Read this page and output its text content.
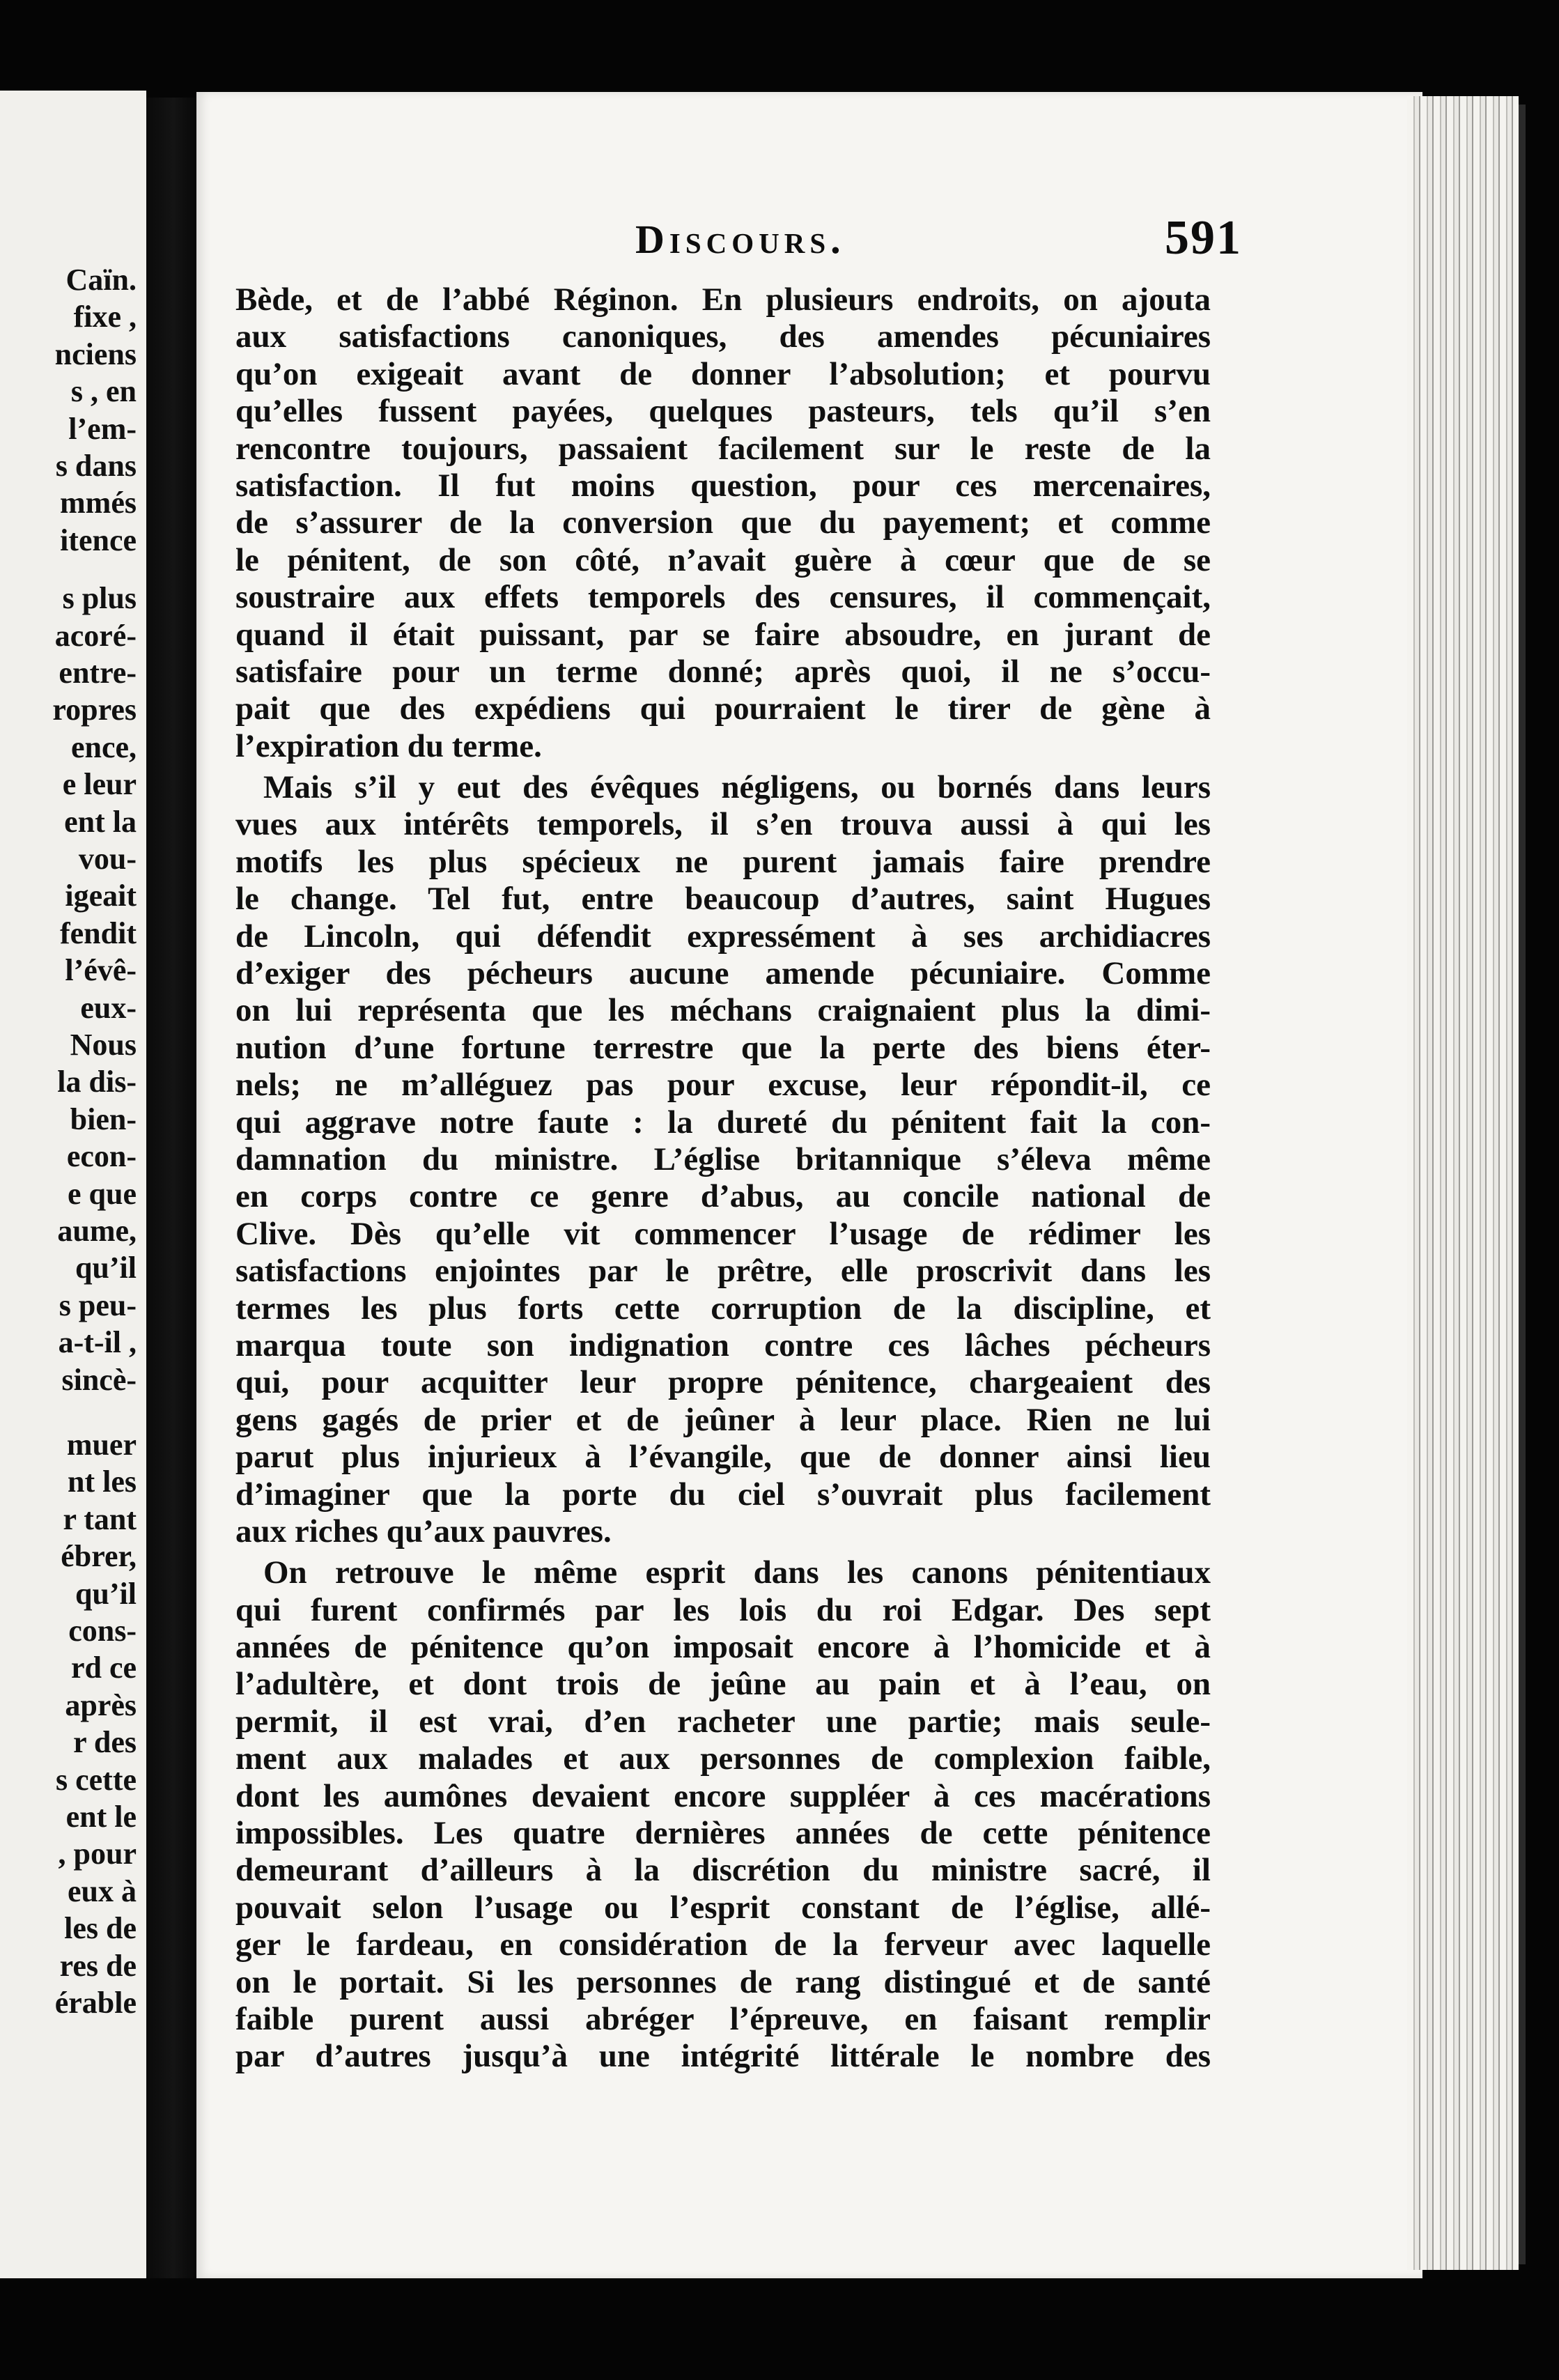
Caïn.
fixe ,
nciens
s , en
l’em-
s dans
mmés
itence
s plus
acoré-
entre-
ropres
ence,
e leur
ent la
vou-
igeait
fendit
l’évê-
eux-
Nous
la dis-
bien-
econ-
e que
aume,
qu’il
s peu-
a-t-il ,
sincè-
muer
nt les
r tant
ébrer,
qu’il
cons-
rd ce
après
r des
s cette
ent le
, pour
eux à
les de
res de
érable
Discours.	591
Bède, et de l’abbé Réginon. En plusieurs endroits, on ajouta
aux satisfactions canoniques, des amendes pécuniaires
qu’on exigeait avant de donner l’absolution; et pourvu
qu’elles fussent payées, quelques pasteurs, tels qu’il s’en
rencontre toujours, passaient facilement sur le reste de la
satisfaction. Il fut moins question, pour ces mercenaires,
de s’assurer de la conversion que du payement; et comme
le pénitent, de son côté, n’avait guère à cœur que de se
soustraire aux effets temporels des censures, il commençait,
quand il était puissant, par se faire absoudre, en jurant de
satisfaire pour un terme donné; après quoi, il ne s’occu-
pait que des expédiens qui pourraient le tirer de gène à
l’expiration du terme.
Mais s’il y eut des évêques négligens, ou bornés dans leurs
vues aux intérêts temporels, il s’en trouva aussi à qui les
motifs les plus spécieux ne purent jamais faire prendre
le change. Tel fut, entre beaucoup d’autres, saint Hugues
de Lincoln, qui défendit expressément à ses archidiacres
d’exiger des pécheurs aucune amende pécuniaire. Comme
on lui représenta que les méchans craignaient plus la dimi-
nution d’une fortune terrestre que la perte des biens éter-
nels; ne m’alléguez pas pour excuse, leur répondit-il, ce
qui aggrave notre faute : la dureté du pénitent fait la con-
damnation du ministre. L’église britannique s’éleva même
en corps contre ce genre d’abus, au concile national de
Clive. Dès qu’elle vit commencer l’usage de rédimer les
satisfactions enjointes par le prêtre, elle proscrivit dans les
termes les plus forts cette corruption de la discipline, et
marqua toute son indignation contre ces lâches pécheurs
qui, pour acquitter leur propre pénitence, chargeaient des
gens gagés de prier et de jeûner à leur place. Rien ne lui
parut plus injurieux à l’évangile, que de donner ainsi lieu
d’imaginer que la porte du ciel s’ouvrait plus facilement
aux riches qu’aux pauvres.
On retrouve le même esprit dans les canons pénitentiaux
qui furent confirmés par les lois du roi Edgar. Des sept
années de pénitence qu’on imposait encore à l’homicide et à
l’adultère, et dont trois de jeûne au pain et à l’eau, on
permit, il est vrai, d’en racheter une partie; mais seule-
ment aux malades et aux personnes de complexion faible,
dont les aumônes devaient encore suppléer à ces macérations
impossibles. Les quatre dernières années de cette pénitence
demeurant d’ailleurs à la discrétion du ministre sacré, il
pouvait selon l’usage ou l’esprit constant de l’église, allé-
ger le fardeau, en considération de la ferveur avec laquelle
on le portait. Si les personnes de rang distingué et de santé
faible purent aussi abréger l’épreuve, en faisant remplir
par d’autres jusqu’à une intégrité littérale le nombre des
